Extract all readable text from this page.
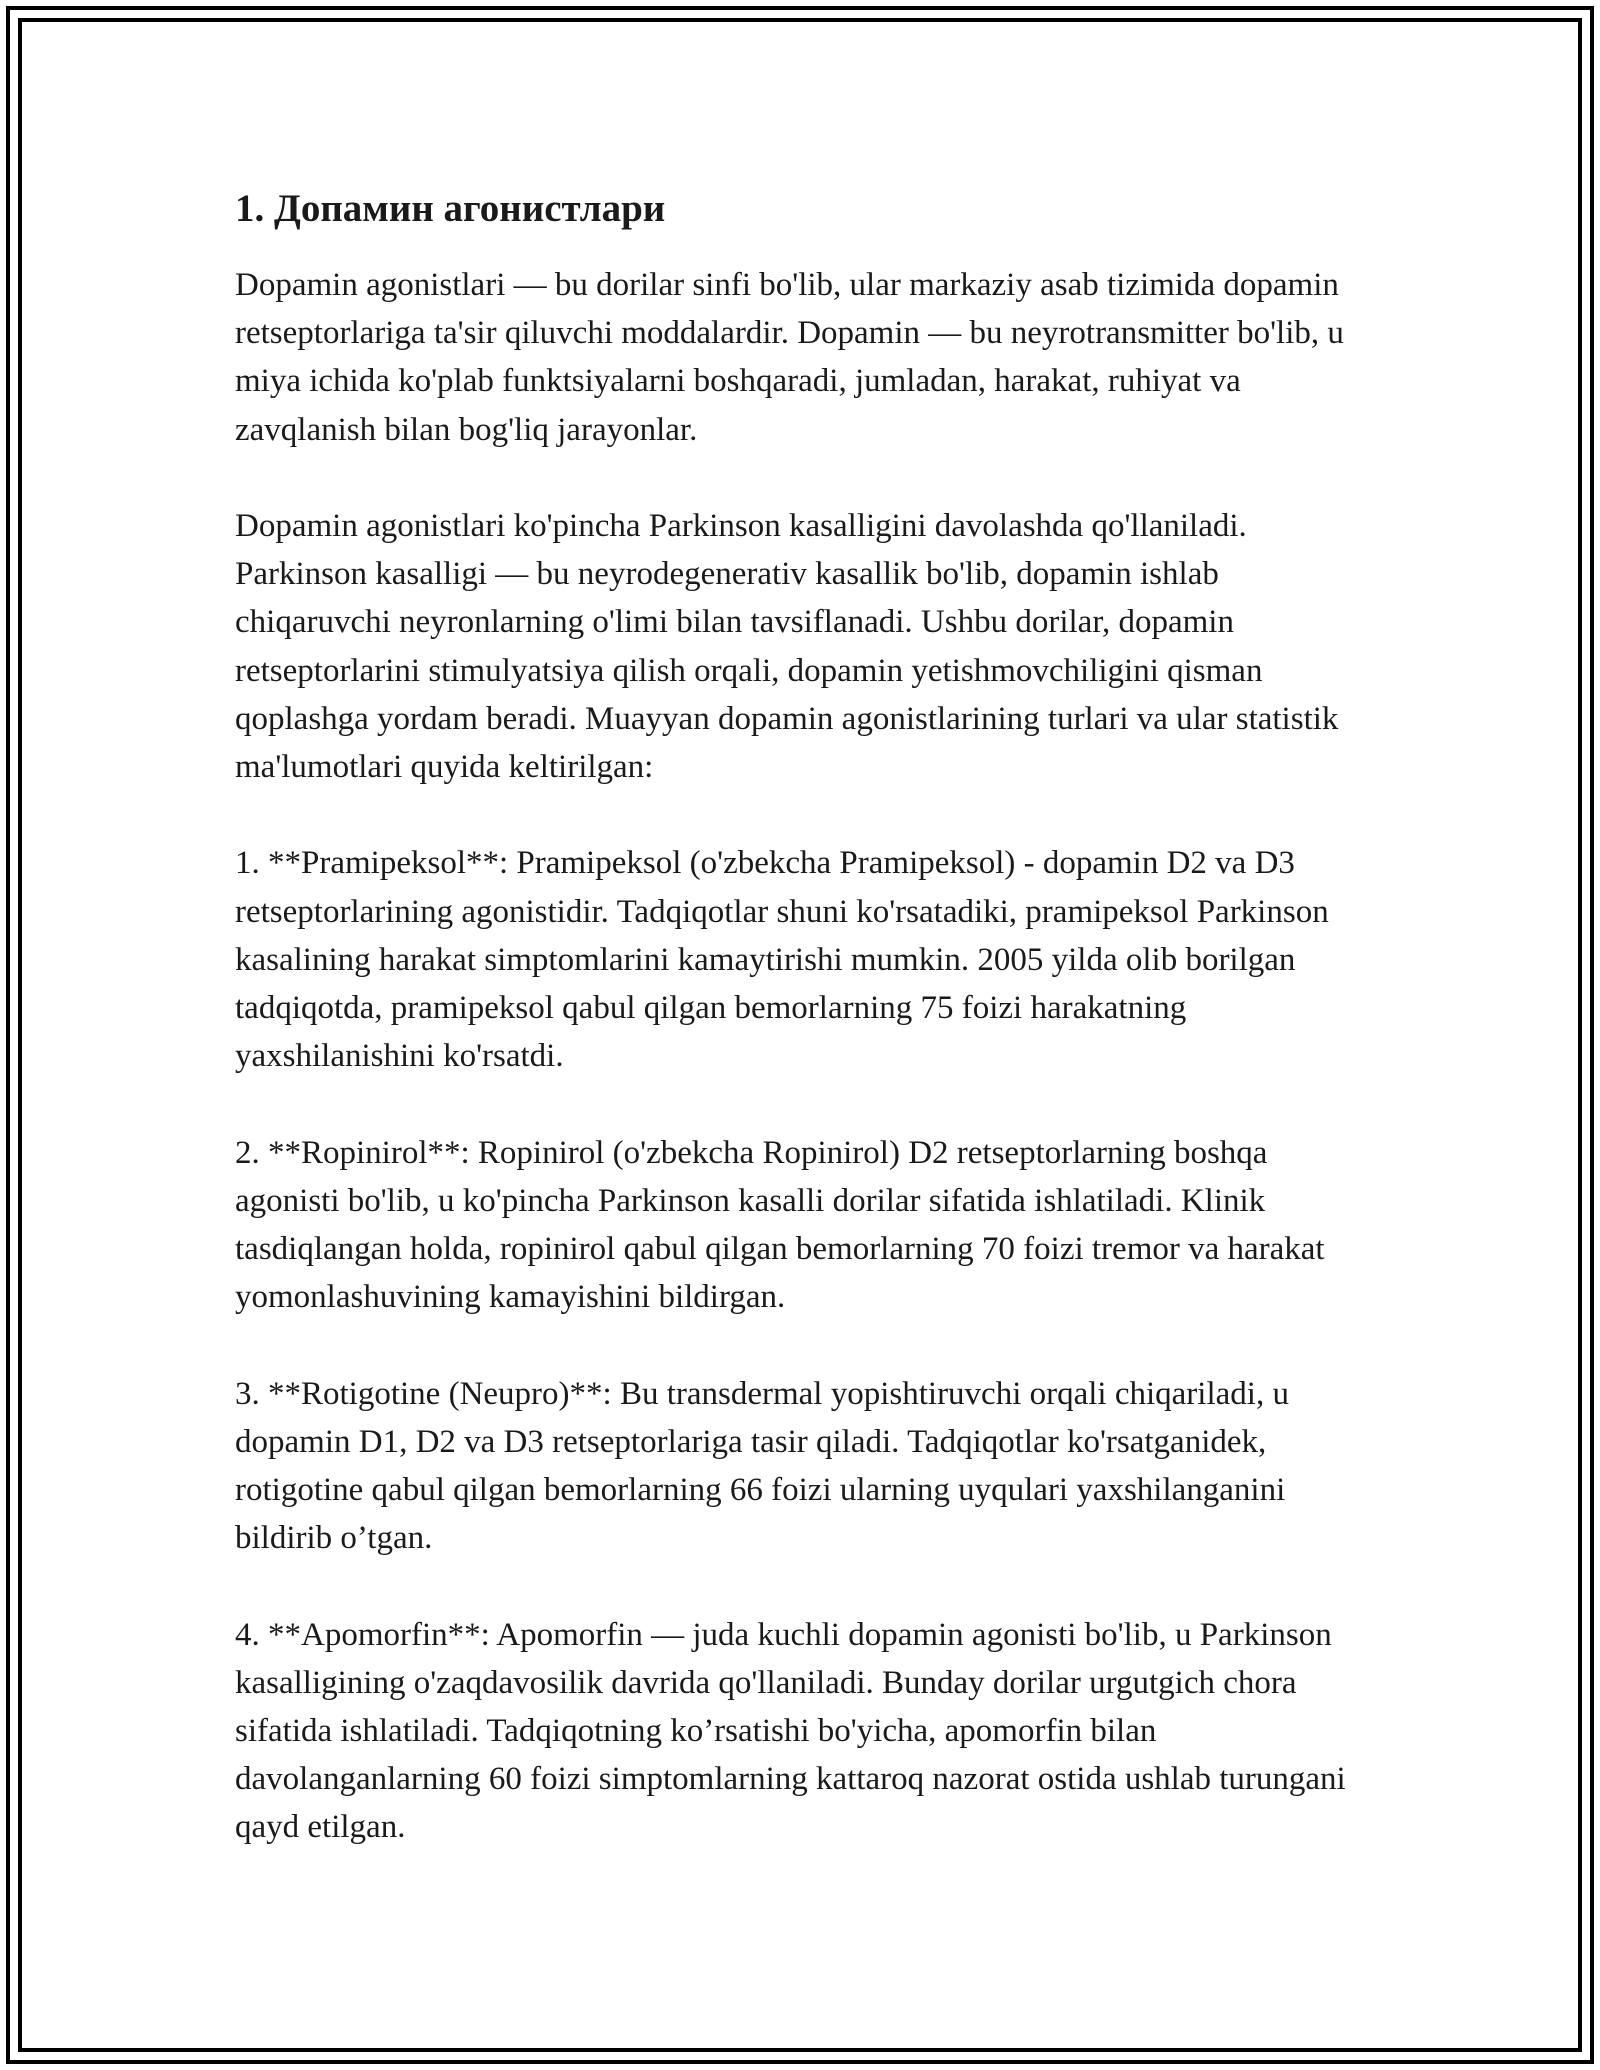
1. Допамин агонистлари

Dopamin agonistlari — bu dorilar sinfi bo'lib, ular markaziy asab tizimida dopamin retseptorlariga ta'sir qiluvchi moddalardir. Dopamin — bu neyrotransmitter bo'lib, u miya ichida ko'plab funktsiyalarni boshqaradi, jumladan, harakat, ruhiyat va zavqlanish bilan bog'liq jarayonlar.

Dopamin agonistlari ko'pincha Parkinson kasalligini davolashda qo'llaniladi. Parkinson kasalligi — bu neyrodegenerativ kasallik bo'lib, dopamin ishlab chiqaruvchi neyronlarning o'limi bilan tavsiflanadi. Ushbu dorilar, dopamin retseptorlarini stimulyatsiya qilish orqali, dopamin yetishmovchiligini qisman qoplashga yordam beradi. Muayyan dopamin agonistlarining turlari va ular statistik ma'lumotlari quyida keltirilgan:

1. **Pramipeksol**: Pramipeksol (o'zbekcha Pramipeksol) - dopamin D2 va D3 retseptorlarining agonistidir. Tadqiqotlar shuni ko'rsatadiki, pramipeksol Parkinson kasalining harakat simptomlarini kamaytirishi mumkin. 2005 yilda olib borilgan tadqiqotda, pramipeksol qabul qilgan bemorlarning 75 foizi harakatning yaxshilanishini ko'rsatdi.

2. **Ropinirol**: Ropinirol (o'zbekcha Ropinirol) D2 retseptorlarning boshqa agonisti bo'lib, u ko'pincha Parkinson kasalli dorilar sifatida ishlatiladi. Klinik tasdiqlangan holda, ropinirol qabul qilgan bemorlarning 70 foizi tremor va harakat yomonlashuvining kamayishini bildirgan.

3. **Rotigotine (Neupro)**: Bu transdermal yopishtiruvchi orqali chiqariladi, u dopamin D1, D2 va D3 retseptorlariga tasir qiladi. Tadqiqotlar ko'rsatganidek, rotigotine qabul qilgan bemorlarning 66 foizi ularning uyqulari yaxshilanganini bildirib o’tgan.

4. **Apomorfin**: Apomorfin — juda kuchli dopamin agonisti bo'lib, u Parkinson kasalligining o'zaqdavosilik davrida qo'llaniladi. Bunday dorilar urgutgich chora sifatida ishlatiladi. Tadqiqotning ko’rsatishi bo'yicha, apomorfin bilan davolanganlarning 60 foizi simptomlarning kattaroq nazorat ostida ushlab turungani qayd etilgan.
